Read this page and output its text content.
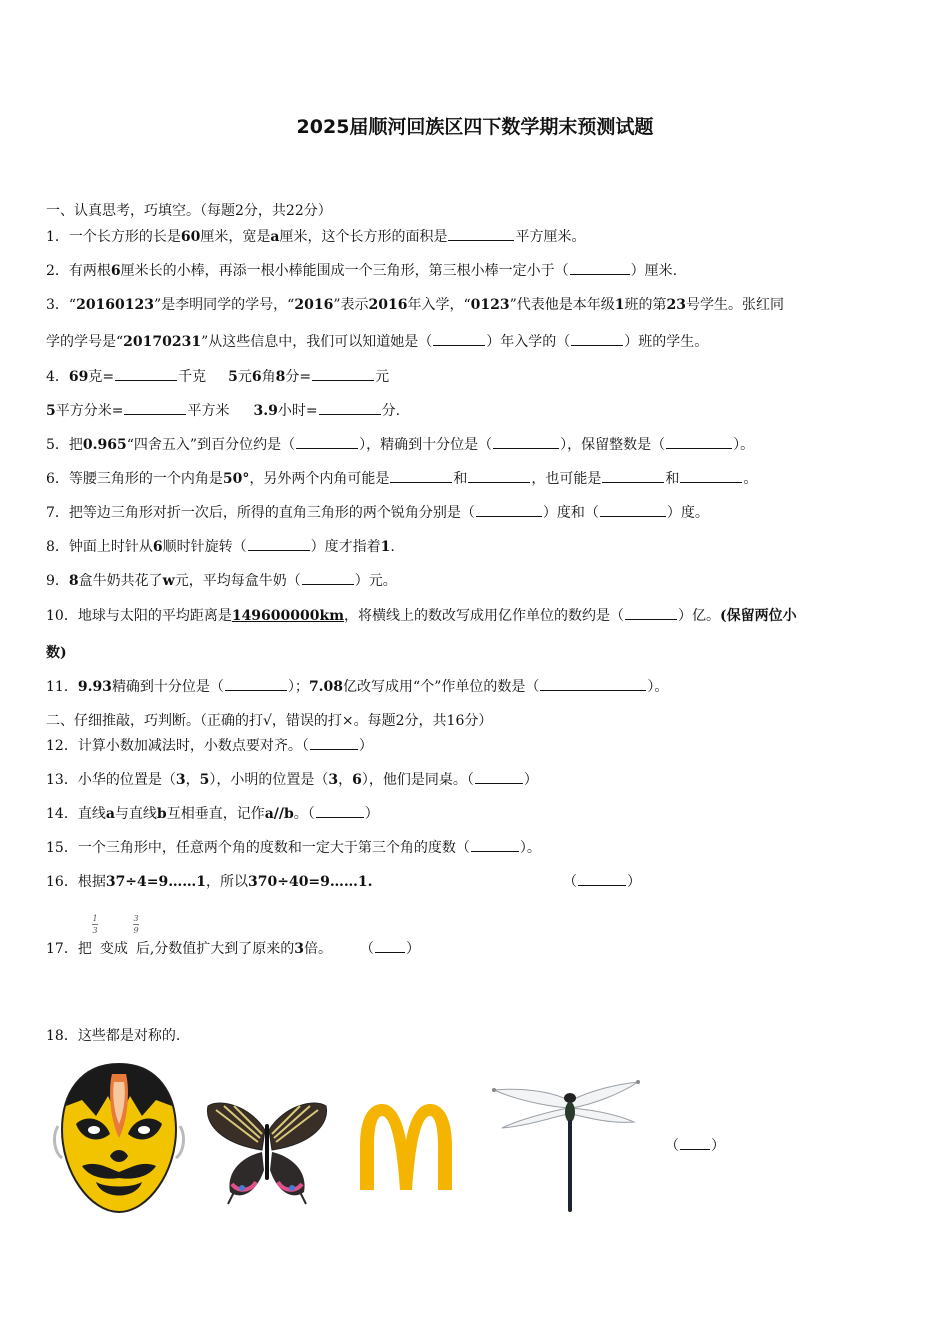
2025届顺河回族区四下数学期末预测试题
一、认真思考，巧填空。（每题2分，共22分）
1．一个长方形的长是60厘米，宽是a厘米，这个长方形的面积是	平方厘米。
2．有两根6厘米长的小棒，再添一根小棒能围成一个三角形，第三根小棒一定小于（	）厘米.
3．“20160123”是李明同学的学号，“2016”表示2016年入学，“0123”代表他是本年级1班的第23号学生。张红同
学的学号是“20170231”从这些信息中，我们可以知道她是（	）年入学的（	）班的学生。
4．69克=	千克 5元6角8分=	元
5平方分米=	平方米 3.9小时=	分.
5．把0.965“四舍五入”到百分位约是（	），精确到十分位是（	），保留整数是（	）。
6．等腰三角形的一个内角是50°，另外两个内角可能是	和	，也可能是	和	。
7．把等边三角形对折一次后，所得的直角三角形的两个锐角分别是（	）度和（	）度。
8．钟面上时针从6顺时针旋转（	）度才指着1.
9．8盒牛奶共花了w元，平均每盒牛奶（	）元。
10．地球与太阳的平均距离是149600000km，将横线上的数改写成用亿作单位的数约是（	）亿。(保留两位小
数)
11．9.93精确到十分位是（	）；7.08亿改写成用“个”作单位的数是（	）。
二、仔细推敲，巧判断。（正确的打√，错误的打×。每题2分，共16分）
12．计算小数加减法时，小数点要对齐。（	）
13．小华的位置是（3，5），小明的位置是（3，6），他们是同桌。（	）
14．直线a与直线b互相垂直，记作a//b。（	）
15．一个三角形中，任意两个角的度数和一定大于第三个角的度数（	）。
16．根据37÷4=9……1，所以370÷40=9……1.	（	）
1
3
3
9
17．把 变成 后,分数值扩大到了原来的3倍。 （ ）
18．这些都是对称的.
（ ）
